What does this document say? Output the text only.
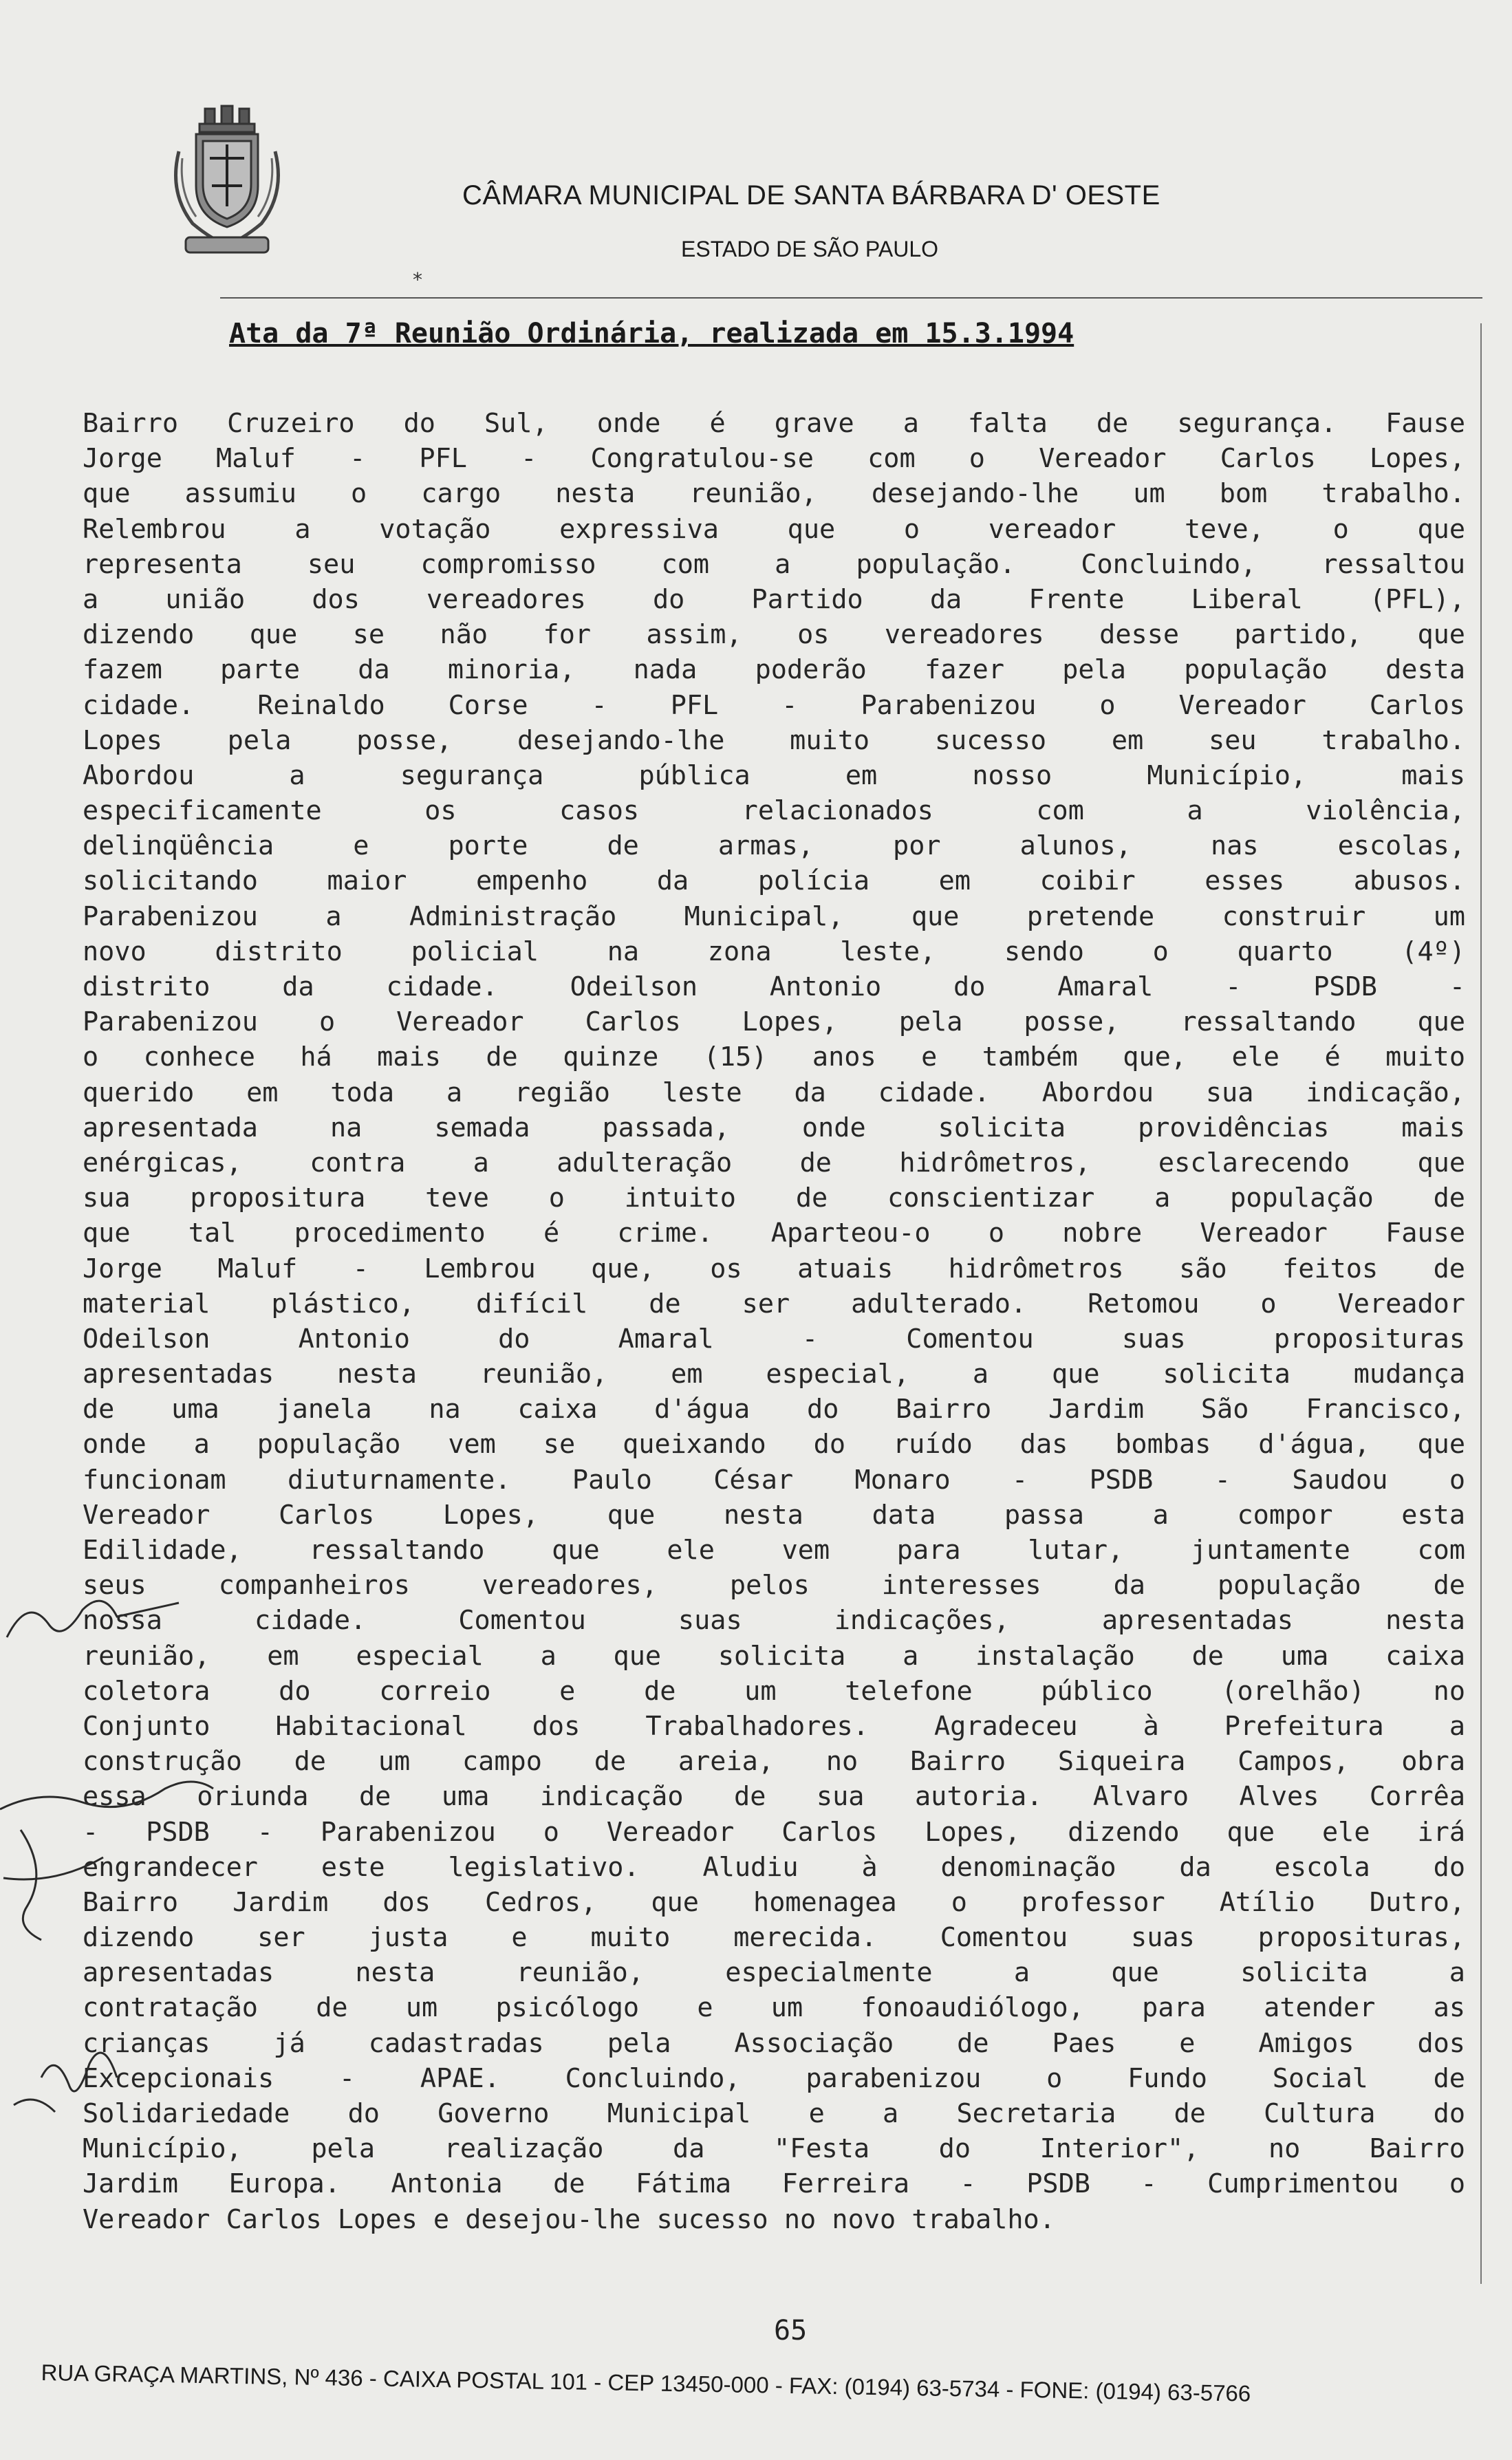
CÂMARA MUNICIPAL DE SANTA BÁRBARA D' OESTE
ESTADO DE SÃO PAULO
*
Ata da 7ª Reunião Ordinária, realizada em 15.3.1994
Bairro Cruzeiro do Sul, onde é grave a falta de segurança. Fause
Jorge Maluf - PFL - Congratulou-se com o Vereador Carlos Lopes,
que assumiu o cargo nesta reunião, desejando-lhe um bom trabalho.
Relembrou a votação expressiva que o vereador teve, o que
representa seu compromisso com a população. Concluindo, ressaltou
a união dos vereadores do Partido da Frente Liberal (PFL),
dizendo que se não for assim, os vereadores desse partido, que
fazem parte da minoria, nada poderão fazer pela população desta
cidade. Reinaldo Corse - PFL - Parabenizou o Vereador Carlos
Lopes pela posse, desejando-lhe muito sucesso em seu trabalho.
Abordou a segurança pública em nosso Município, mais
especificamente os casos relacionados com a violência,
delinqüência e porte de armas, por alunos, nas escolas,
solicitando maior empenho da polícia em coibir esses abusos.
Parabenizou a Administração Municipal, que pretende construir um
novo distrito policial na zona leste, sendo o quarto (4º)
distrito da cidade. Odeilson Antonio do Amaral - PSDB -
Parabenizou o Vereador Carlos Lopes, pela posse, ressaltando que
o conhece há mais de quinze (15) anos e também que, ele é muito
querido em toda a região leste da cidade. Abordou sua indicação,
apresentada na semada passada, onde solicita providências mais
enérgicas, contra a adulteração de hidrômetros, esclarecendo que
sua propositura teve o intuito de conscientizar a população de
que tal procedimento é crime. Aparteou-o o nobre Vereador Fause
Jorge Maluf - Lembrou que, os atuais hidrômetros são feitos de
material plástico, difícil de ser adulterado. Retomou o Vereador
Odeilson Antonio do Amaral - Comentou suas proposituras
apresentadas nesta reunião, em especial, a que solicita mudança
de uma janela na caixa d'água do Bairro Jardim São Francisco,
onde a população vem se queixando do ruído das bombas d'água, que
funcionam diuturnamente. Paulo César Monaro - PSDB - Saudou o
Vereador Carlos Lopes, que nesta data passa a compor esta
Edilidade, ressaltando que ele vem para lutar, juntamente com
seus companheiros vereadores, pelos interesses da população de
nossa cidade. Comentou suas indicações, apresentadas nesta
reunião, em especial a que solicita a instalação de uma caixa
coletora do correio e de um telefone público (orelhão) no
Conjunto Habitacional dos Trabalhadores. Agradeceu à Prefeitura a
construção de um campo de areia, no Bairro Siqueira Campos, obra
essa oriunda de uma indicação de sua autoria. Alvaro Alves Corrêa
- PSDB - Parabenizou o Vereador Carlos Lopes, dizendo que ele irá
engrandecer este legislativo. Aludiu à denominação da escola do
Bairro Jardim dos Cedros, que homenagea o professor Atílio Dutro,
dizendo ser justa e muito merecida. Comentou suas proposituras,
apresentadas nesta reunião, especialmente a que solicita a
contratação de um psicólogo e um fonoaudiólogo, para atender as
crianças já cadastradas pela Associação de Paes e Amigos dos
Excepcionais - APAE. Concluindo, parabenizou o Fundo Social de
Solidariedade do Governo Municipal e a Secretaria de Cultura do
Município, pela realização da "Festa do Interior", no Bairro
Jardim Europa. Antonia de Fátima Ferreira - PSDB - Cumprimentou o
Vereador Carlos Lopes e desejou-lhe sucesso no novo trabalho.
65
RUA GRAÇA MARTINS, Nº 436 - CAIXA POSTAL 101 - CEP 13450-000 - FAX: (0194) 63-5734 - FONE: (0194) 63-5766
